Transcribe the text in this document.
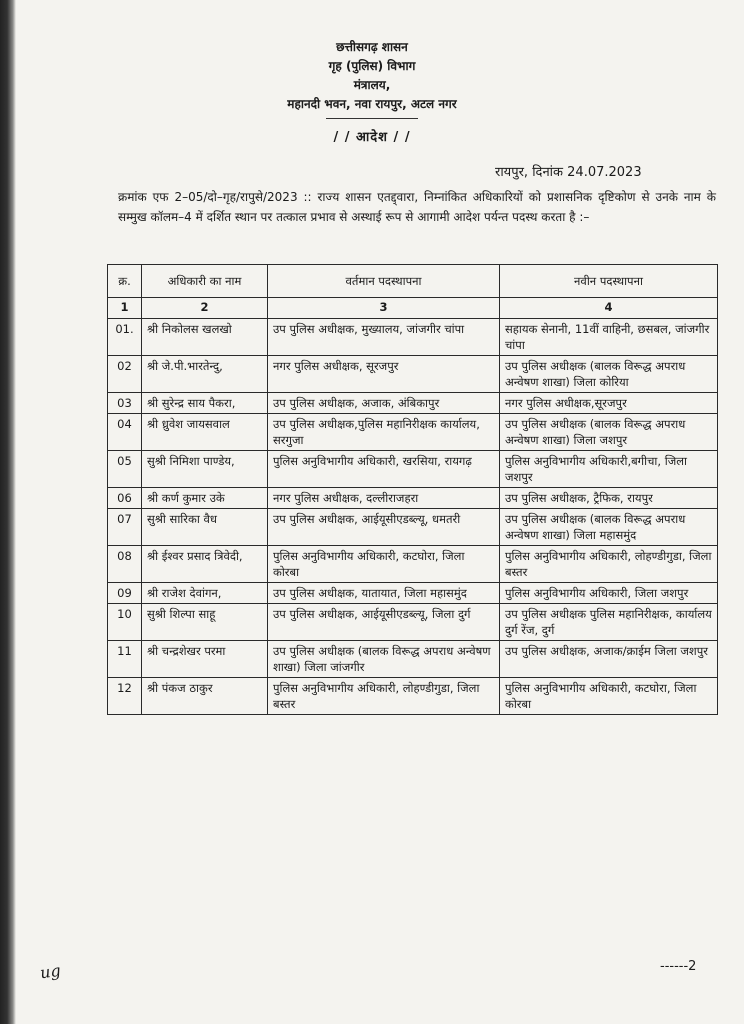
छत्तीसगढ़ शासन
गृह (पुलिस) विभाग
मंत्रालय,
महानदी भवन, नवा रायपुर, अटल नगर
/ / आदेश / /
रायपुर, दिनांक 24.07.2023
क्रमांक एफ 2–05/दो–गृह/रापुसे/2023 :: राज्य शासन एतद्द्वारा, निम्नांकित अधिकारियों को प्रशासनिक दृष्टिकोण से उनके नाम के सम्मुख कॉलम–4 में दर्शित स्थान पर तत्काल प्रभाव से अस्थाई रूप से आगामी आदेश पर्यन्त पदस्थ करता है :–
क्र.	अधिकारी का नाम	वर्तमान पदस्थापना	नवीन पदस्थापना
1	2	3	4
01.	श्री निकोलस खलखो	उप पुलिस अधीक्षक, मुख्यालय, जांजगीर चांपा	सहायक सेनानी, 11वीं वाहिनी, छसबल, जांजगीर चांपा
02	श्री जे.पी.भारतेन्दु,	नगर पुलिस अधीक्षक, सूरजपुर	उप पुलिस अधीक्षक (बालक विरूद्ध अपराध अन्वेषण शाखा) जिला कोरिया
03	श्री सुरेन्द्र साय पैकरा,	उप पुलिस अधीक्षक, अजाक, अंबिकापुर	नगर पुलिस अधीक्षक,सूरजपुर
04	श्री ध्रुवेश जायसवाल	उप पुलिस अधीक्षक,पुलिस महानिरीक्षक कार्यालय, सरगुजा	उप पुलिस अधीक्षक (बालक विरूद्ध अपराध अन्वेषण शाखा) जिला जशपुर
05	सुश्री निमिशा पाण्डेय,	पुलिस अनुविभागीय अधिकारी, खरसिया, रायगढ़	पुलिस अनुविभागीय अधिकारी,बगीचा, जिला जशपुर
06	श्री कर्ण कुमार उके	नगर पुलिस अधीक्षक, दल्लीराजहरा	उप पुलिस अधीक्षक, ट्रैफिक, रायपुर
07	सुश्री सारिका वैध	उप पुलिस अधीक्षक, आईयूसीएडब्ल्यू, धमतरी	उप पुलिस अधीक्षक (बालक विरूद्ध अपराध अन्वेषण शाखा) जिला महासमुंद
08	श्री ईश्वर प्रसाद त्रिवेदी,	पुलिस अनुविभागीय अधिकारी, कटघोरा, जिला कोरबा	पुलिस अनुविभागीय अधिकारी, लोहण्डीगुडा, जिला बस्तर
09	श्री राजेश देवांगन,	उप पुलिस अधीक्षक, यातायात, जिला महासमुंद	पुलिस अनुविभागीय अधिकारी, जिला जशपुर
10	सुश्री शिल्पा साहू	उप पुलिस अधीक्षक, आईयूसीएडब्ल्यू, जिला दुर्ग	उप पुलिस अधीक्षक पुलिस महानिरीक्षक, कार्यालय दुर्ग रेंज, दुर्ग
11	श्री चन्द्रशेखर परमा	उप पुलिस अधीक्षक (बालक विरूद्ध अपराध अन्वेषण शाखा) जिला जांजगीर	उप पुलिस अधीक्षक, अजाक/क्राईम जिला जशपुर
12	श्री पंकज ठाकुर	पुलिस अनुविभागीय अधिकारी, लोहण्डीगुडा, जिला बस्तर	पुलिस अनुविभागीय अधिकारी, कटघोरा, जिला कोरबा
ug	------2
